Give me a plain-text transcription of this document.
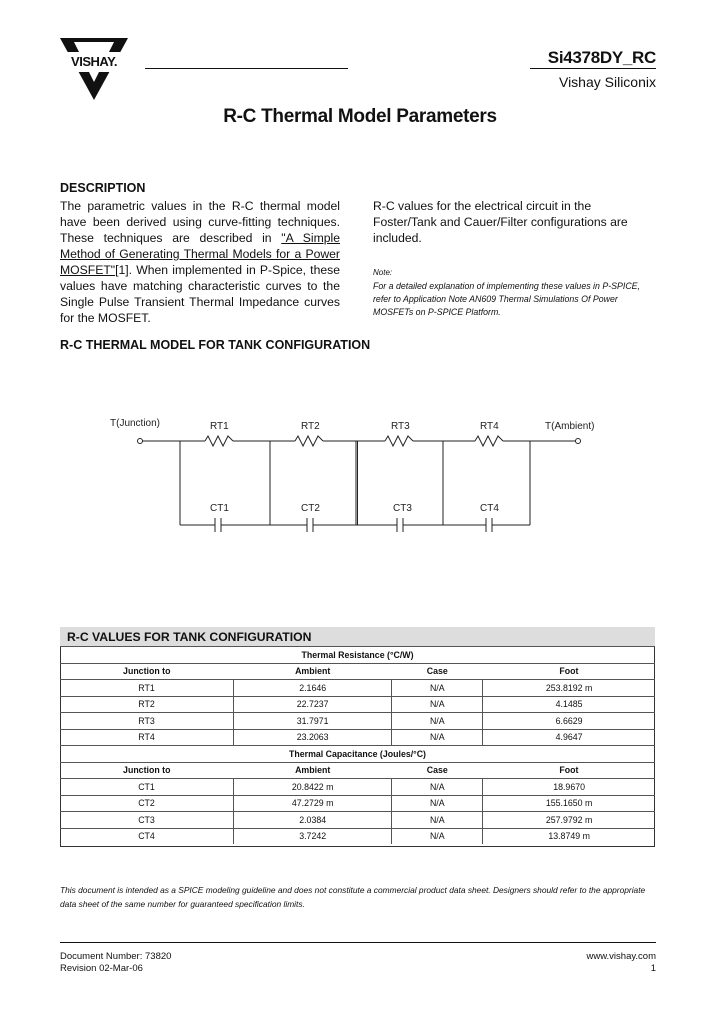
VISHAY.	Si4378DY_RC
Vishay Siliconix
R-C Thermal Model Parameters
DESCRIPTION
The parametric values in the R-C thermal model have been derived using curve-fitting techniques. These techniques are described in "A Simple Method of Generating Thermal Models for a Power MOSFET"[1]. When implemented in P-Spice, these values have matching characteristic curves to the Single Pulse Transient Thermal Impedance curves for the MOSFET.
R-C values for the electrical circuit in the Foster/Tank and Cauer/Filter configurations are included.
Note:
For a detailed explanation of implementing these values in P-SPICE, refer to Application Note AN609 Thermal Simulations Of Power MOSFETs on P-SPICE Platform.
R-C THERMAL MODEL FOR TANK CONFIGURATION
T(Junction)	T(Ambient)
RT1	RT2	RT3	RT4
CT1	CT2	CT3	CT4
R-C VALUES FOR TANK CONFIGURATION			
Thermal Resistance (°C/W)			
Junction to	Ambient	Case	Foot
RT1	2.1646	N/A	253.8192 m
RT2	22.7237	N/A	4.1485
RT3	31.7971	N/A	6.6629
RT4	23.2063	N/A	4.9647
Thermal Capacitance (Joules/°C)			
Junction to	Ambient	Case	Foot
CT1	20.8422 m	N/A	18.9670
CT2	47.2729 m	N/A	155.1650 m
CT3	2.0384	N/A	257.9792 m
CT4	3.7242	N/A	13.8749 m
This document is intended as a SPICE modeling guideline and does not constitute a commercial product data sheet. Designers should refer to the appropriate data sheet of the same number for guaranteed specification limits.
Document Number: 73820
Revision 02-Mar-06
www.vishay.com
1
